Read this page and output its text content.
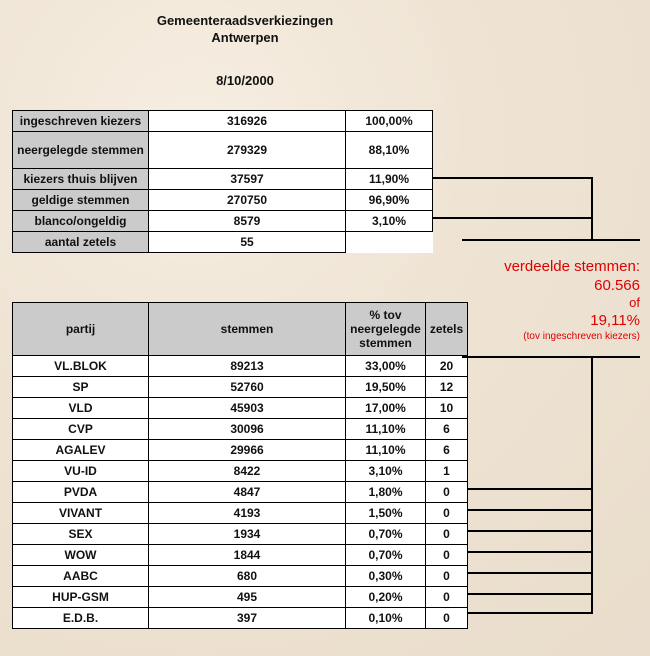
Gemeenteraadsverkiezingen
Antwerpen
8/10/2000
ingeschreven kiezers	316926	100,00%
neergelegde stemmen	279329	88,10%
kiezers thuis blijven	37597	11,90%
geldige stemmen	270750	96,90%
blanco/ongeldig	8579	3,10%
aantal zetels	55	
partij	stemmen	% tov neergelegde stemmen	zetels
VL.BLOK	89213	33,00%	20
SP	52760	19,50%	12
VLD	45903	17,00%	10
CVP	30096	11,10%	6
AGALEV	29966	11,10%	6
VU-ID	8422	3,10%	1
PVDA	4847	1,80%	0
VIVANT	4193	1,50%	0
SEX	1934	0,70%	0
WOW	1844	0,70%	0
AABC	680	0,30%	0
HUP-GSM	495	0,20%	0
E.D.B.	397	0,10%	0
verdeelde stemmen:
60.566
of
19,11%
(tov ingeschreven kiezers)
